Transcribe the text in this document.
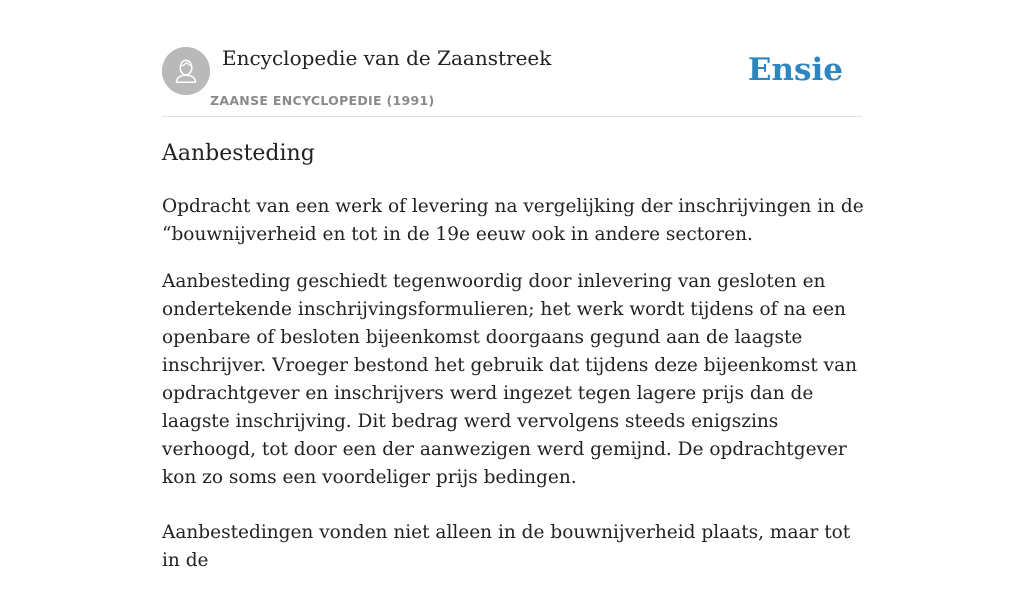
Encyclopedie van de Zaanstreek
ZAANSE ENCYCLOPEDIE (1991)
Ensie
Aanbesteding

Opdracht van een werk of levering na vergelijking der inschrijvingen in de “bouwnijverheid en tot in de 19e eeuw ook in andere sectoren.

Aanbesteding geschiedt tegenwoordig door inlevering van gesloten en ondertekende inschrijvingsformulieren; het werk wordt tijdens of na een openbare of besloten bijeenkomst doorgaans gegund aan de laagste inschrijver. Vroeger bestond het gebruik dat tijdens deze bijeenkomst van opdrachtgever en inschrijvers werd ingezet tegen lagere prijs dan de laagste inschrijving. Dit bedrag werd vervolgens steeds enigszins verhoogd, tot door een der aanwezigen werd gemijnd. De opdrachtgever kon zo soms een voordeliger prijs bedingen.

Aanbestedingen vonden niet alleen in de bouwnijverheid plaats, maar tot in de
